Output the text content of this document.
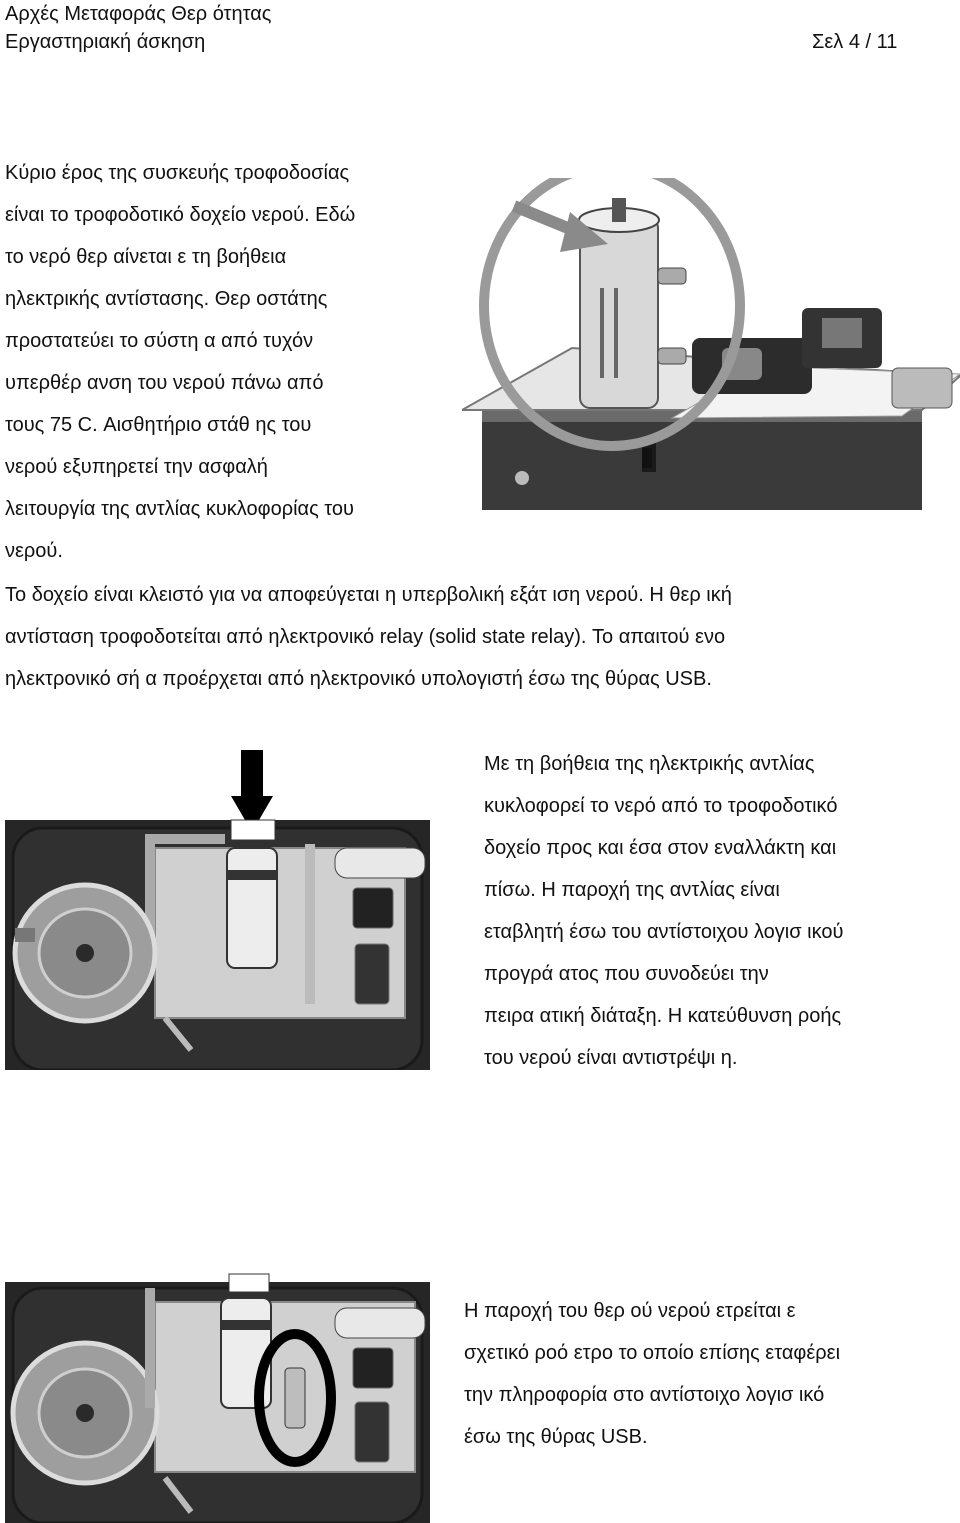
Αρχές Μεταφοράς Θερ ότητας
Εργαστηριακή άσκηση	Σελ 4 / 11
Κύριο έρος της συσκευής τροφοδοσίας
είναι το τροφοδοτικό δοχείο νερού. Εδώ
το νερό θερ αίνεται ε τη βοήθεια
ηλεκτρικής αντίστασης. Θερ οστάτης
προστατεύει το σύστη α από τυχόν
υπερθέρ ανση του νερού πάνω από
τους 75 C. Αισθητήριο στάθ ης του
νερού εξυπηρετεί την ασφαλή
λειτουργία της αντλίας κυκλοφορίας του
νερού.
Το δοχείο είναι κλειστό για να αποφεύγεται η υπερβολική εξάτ ιση νερού. Η θερ ική
αντίσταση τροφοδοτείται από ηλεκτρονικό relay (solid state relay). Το απαιτού ενο
ηλεκτρονικό σή α προέρχεται από ηλεκτρονικό υπολογιστή έσω της θύρας USB.
Με τη βοήθεια της ηλεκτρικής αντλίας
κυκλοφορεί το νερό από το τροφοδοτικό
δοχείο προς και έσα στον εναλλάκτη και
πίσω. Η παροχή της αντλίας είναι
εταβλητή έσω του αντίστοιχου λογισ ικού
προγρά ατος που συνοδεύει την
πειρα ατική διάταξη. Η κατεύθυνση ροής
του νερού είναι αντιστρέψι η.
Η παροχή του θερ ού νερού ετρείται ε
σχετικό ροό ετρο το οποίο επίσης εταφέρει
την πληροφορία στο αντίστοιχο λογισ ικό
έσω της θύρας USB.
